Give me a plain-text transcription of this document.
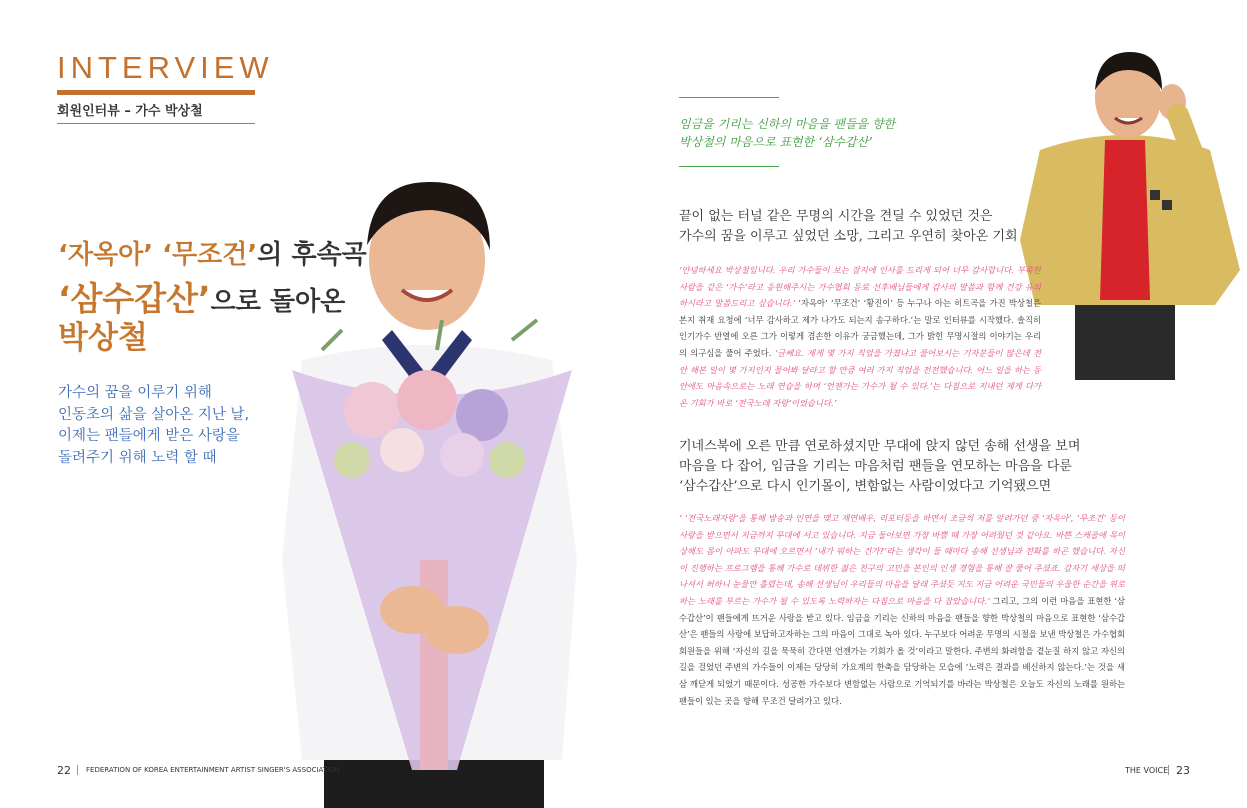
INTERVIEW

회원인터뷰 – 가수 박상철

‘자옥아’ ‘무조건’의 후속곡

‘삼수갑산’으로 돌아온

박상철

가수의 꿈을 이루기 위해
인동초의 삶을 살아온 지난 날,
이제는 팬들에게 받은 사랑을
돌려주기 위해 노력 할 때

22 FEDERATION OF KOREA ENTERTAINMENT ARTIST SINGER'S ASSOCIATION

임금을 기리는 신하의 마음을 팬들을 향한
박상철의 마음으로 표현한 ‘삼수갑산’

끝이 없는 터널 같은 무명의 시간을 견딜 수 있었던 것은
가수의 꿈을 이루고 싶었던 소망, 그리고 우연히 찾아온 기회

‘안녕하세요 박상철입니다. 우리 가수들이 보는 잡지에 인사를 드리게 되어 너무 감사합니다. 부족한 사람을 같은 ‘가수’라고 응원해주시는 가수협회 동료 선후배님들에게 감사의 말씀과 함께 건강 유의하시라고 말씀드리고 싶습니다.’ ‘자옥아’ ‘무조건’ ‘황진이’ 등 누구나 아는 히트곡을 가진 박상철은 본지 취재 요청에 ‘너무 감사하고 제가 나가도 되는지 송구하다.’는 말로 인터뷰를 시작했다. 솔직히 인기가수 반열에 오른 그가 이렇게 겸손한 이유가 궁금했는데, 그가 밝힌 무명시절의 이야기는 우리의 의구심을 풀어 주었다. ‘글쎄요. 제게 몇 가지 직업을 가졌냐고 물어보시는 기자분들이 많은데 전 안 해본 일이 몇 가지인지 물어봐 달라고 할 만큼 여러 가지 직업을 전전했습니다. 어느 일을 하는 동안에도 마음속으로는 노래 연습을 하며 ‘언젠가는 가수가 될 수 있다.’는 다짐으로 지내던 제게 다가 온 기회가 바로 ‘전국노래 자랑’이었습니다.’

기네스북에 오른 만큼 연로하셨지만 무대에 앉지 않던 송해 선생을 보며
마음을 다 잡어, 임금을 기리는 마음처럼 팬들을 연모하는 마음을 다룬
‘삼수갑산’으로 다시 인기몰이, 변함없는 사람이었다고 기억됐으면

‘ ‘전국노래자랑’을 통해 방송과 인연을 맺고 재연배우, 리포터등을 하면서 조금씩 저를 알려가던 중 ‘자옥아’, ‘무조건’ 등이 사랑을 받으면서 지금까지 무대에 서고 있습니다. 지금 돌아보면 가장 바쁠 때 가장 어려웠던 것 같아요. 바쁜 스케줄에 목이 상해도 몸이 아파도 무대에 오르면서 ‘내가 뭐하는 건가?’라는 생각이 들 때마다 송해 선생님과 전화를 하곤 했습니다. 자신이 진행하는 프로그램을 통해 가수로 데뷔한 젊은 친구의 고민을 본인의 인생 경험을 통해 잘 풀어 주셨죠. 갑자기 세상을 떠나셔서 허하니 눈물만 흘렸는데, 송해 선생님이 우리들의 마음을 달래 주셨듯 지도 지금 어려운 국민들의 우울한 순간을 위로하는 노래를 부르는 가수가 될 수 있도록 노력하자는 다짐으로 마음을 다 잡았습니다.’ 그리고, 그의 이런 마음을 표현한 ‘삼수갑산’이 팬들에게 뜨거운 사랑을 받고 있다. 임금을 기리는 신하의 마음을 팬들을 향한 박상철의 마음으로 표현한 ‘삼수갑산’은 팬들의 사랑에 보답하고자하는 그의 마음이 그대로 녹아 있다. 누구보다 어려운 무명의 시절을 보낸 박상철은 가수협회 회원들을 위해 ‘자신의 길을 묵묵히 간다면 언젠가는 기회가 올 것’이라고 말한다. 주변의 화려함을 곁눈질 하지 않고 자신의 길을 걸었던 주변의 가수들이 이제는 당당히 가요계의 한축을 담당하는 모습에 ‘노력은 결과를 배신하지 않는다.’는 것을 새삼 깨닫게 되었기 때문이다. 성공한 가수보다 변함없는 사람으로 기억되기를 바라는 박상철은 오늘도 자신의 노래를 원하는 팬들이 있는 곳을 향해 무조건 달려가고 있다.

THE VOICE 23
